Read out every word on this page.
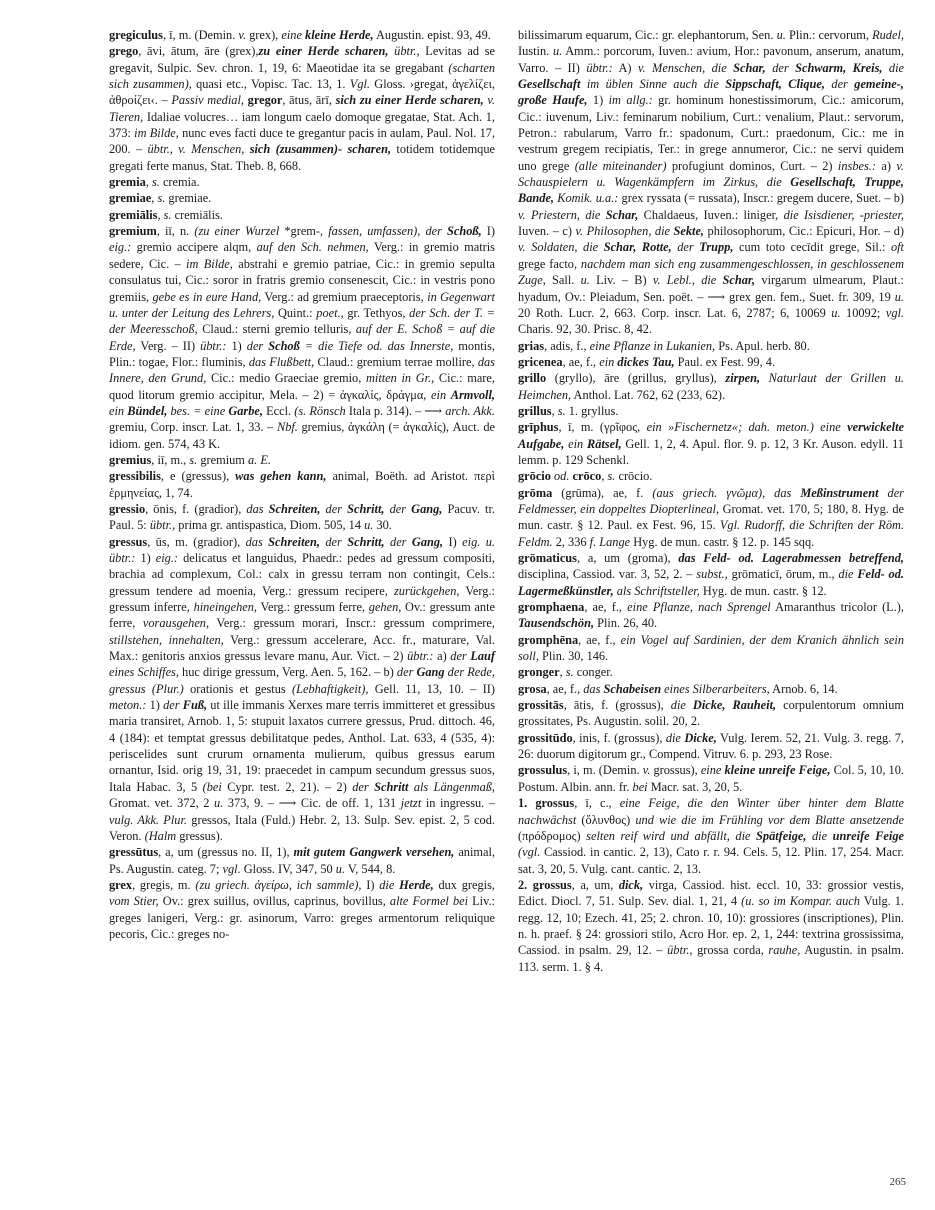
gregiculus, ī, m. (Demin. v. grex), eine kleine Herde, Augustin. epist. 93, 49.

grego, āvi, ātum, āre (grex),zu einer Herde scharen, übtr., Levitas ad se gregavit, Sulpic. Sev. chron. 1, 19, 6: Maeotidae ita se gregabant (scharten sich zusammen), quasi etc., Vopisc. Tac. 13, 1. Vgl. Gloss. ›gregat, ἀγελίζει, ἀθροίζει‹. – Passiv medial, gregor, ātus, ārī, sich zu einer Herde scharen, v. Tieren, Idaliae volucres… iam longum caelo domoque gregatae, Stat. Ach. 1, 373: im Bilde, nunc eves facti duce te gregantur pacis in aulam, Paul. Nol. 17, 200. – übtr., v. Menschen, sich (zusammen)- scharen, totidem totidemque gregati ferte manus, Stat. Theb. 8, 668.

gremia, s. cremia.

gremiae, s. gremiae.

gremiālis, s. cremiālis.

gremium, iī, n. (zu einer Wurzel *grem-, fassen, umfassen), der Schoß, I) eig.: gremio accipere alqm, auf den Sch. nehmen, Verg.: in gremio matris sedere, Cic. – im Bilde, abstrahi e gremio patriae, Cic.: in gremio sepulta consulatus tui, Cic.: soror in fratris gremio consenescit, Cic.: in vestris pono gremiis, gebe es in eure Hand, Verg.: ad gremium praeceptoris, in Gegenwart u. unter der Leitung des Lehrers, Quint.: poet., gr. Tethyos, der Sch. der T. = der Meeresschoß, Claud.: sterni gremio telluris, auf der E. Schoß = auf die Erde, Verg. – II) übtr.: 1) der Schoß = die Tiefe od. das Innerste, montis, Plin.: togae, Flor.: fluminis, das Flußbett, Claud.: gremium terrae mollire, das Innere, den Grund, Cic.: medio Graeciae gremio, mitten in Gr., Cic.: mare, quod litorum gremio accipitur, Mela. – 2) = ἀγκαλίς, δράγμα, ein Armvoll, ein Bündel, bes. = eine Garbe, Eccl. (s. Rönsch Itala p. 314). – ⟶ arch. Akk. gremiu, Corp. inscr. Lat. 1, 33. – Nbf. gremius, ἀγκάλη (= ἀγκαλίς), Auct. de idiom. gen. 574, 43 K.

gremius, iī, m., s. gremium a. E.

gressibilis, e (gressus), was gehen kann, animal, Boëth. ad Aristot. περὶ ἑρμηνείας, 1, 74.

gressio, ōnis, f. (gradior), das Schreiten, der Schritt, der Gang, Pacuv. tr. Paul. 5: übtr., prima gr. antispastica, Diom. 505, 14 u. 30.

gressus, ūs, m. (gradior), das Schreiten, der Schritt, der Gang, I) eig. u. übtr.: 1) eig.: delicatus et languidus, Phaedr.: pedes ad gressum compositi, brachia ad complexum, Col.: calx in gressu terram non contingit, Cels.: gressum tendere ad moenia, Verg.: gressum recipere, zurückgehen, Verg.: gressum inferre, hineingehen, Verg.: gressum ferre, gehen, Ov.: gressum ante ferre, vorausgehen, Verg.: gressum morari, Inscr.: gressum comprimere, stillstehen, innehalten, Verg.: gressum accelerare, Acc. fr., maturare, Val. Max.: genitoris anxios gressus levare manu, Aur. Vict. – 2) übtr.: a) der Lauf eines Schiffes, huc dirige gressum, Verg. Aen. 5, 162. – b) der Gang der Rede, gressus (Plur.) orationis et gestus (Lebhaftigkeit), Gell. 11, 13, 10. – II) meton.: 1) der Fuß, ut ille immanis Xerxes mare terris immitteret et gressibus maria transiret, Arnob. 1, 5: stupuit laxatos currere gressus, Prud. dittoch. 46, 4 (184): et temptat gressus debilitatque pedes, Anthol. Lat. 633, 4 (535, 4): periscelides sunt crurum ornamenta mulierum, quibus gressus earum ornantur, Isid. orig 19, 31, 19: praecedet in campum secundum gressus suos, Itala Habac. 3, 5 (bei Cypr. test. 2, 21). – 2) der Schritt als Längenmaß, Gromat. vet. 372, 2 u. 373, 9. – ⟶ Cic. de off. 1, 131 jetzt in ingressu. – vulg. Akk. Plur. gressos, Itala (Fuld.) Hebr. 2, 13. Sulp. Sev. epist. 2, 5 cod. Veron. (Halm gressus).

gressūtus, a, um (gressus no. II, 1), mit gutem Gangwerk versehen, animal, Ps. Augustin. categ. 7; vgl. Gloss. IV, 347, 50 u. V, 544, 8.

grex, gregis, m. (zu griech. ἀγείρω, ich sammle), I) die Herde, dux gregis, vom Stier, Ov.: grex suillus, ovillus, caprinus, bovillus, alte Formel bei Liv.: greges lanigeri, Verg.: gr. asinorum, Varro: greges armentorum reliquique pecoris, Cic.: greges no-

bilissimarum equarum, Cic.: gr. elephantorum, Sen. u. Plin.: cervorum, Rudel, Iustin. u. Amm.: porcorum, Iuven.: avium, Hor.: pavonum, anserum, anatum, Varro. – II) übtr.: A) v. Menschen, die Schar, der Schwarm, Kreis, die Gesellschaft im üblen Sinne auch die Sippschaft, Clique, der gemeine-, große Haufe, 1) im allg.: gr. hominum honestissimorum, Cic.: amicorum, Cic.: iuvenum, Liv.: feminarum nobilium, Curt.: venalium, Plaut.: servorum, Petron.: rabularum, Varro fr.: spadonum, Curt.: praedonum, Cic.: me in vestrum gregem recipiatis, Ter.: in grege annumeror, Cic.: ne servi quidem uno grege (alle miteinander) profugiunt dominos, Curt. – 2) insbes.: a) v. Schauspielern u. Wagenkämpfern im Zirkus, die Gesellschaft, Truppe, Bande, Komik. u.a.: grex ryssata (= russata), Inscr.: gregem ducere, Suet. – b) v. Priestern, die Schar, Chaldaeus, Iuven.: liniger, die Isisdiener, -priester, Iuven. – c) v. Philosophen, die Sekte, philosophorum, Cic.: Epicuri, Hor. – d) v. Soldaten, die Schar, Rotte, der Trupp, cum toto cecīdit grege, Sil.: oft grege facto, nachdem man sich eng zusammengeschlossen, in geschlossenem Zuge, Sall. u. Liv. – B) v. Lebl., die Schar, virgarum ulmearum, Plaut.: hyadum, Ov.: Pleiadum, Sen. poët. – ⟶ grex gen. fem., Suet. fr. 309, 19 u. 20 Roth. Lucr. 2, 663. Corp. inscr. Lat. 6, 2787; 6, 10069 u. 10092; vgl. Charis. 92, 30. Prisc. 8, 42.

grias, adis, f., eine Pflanze in Lukanien, Ps. Apul. herb. 80.

gricenea, ae, f., ein dickes Tau, Paul. ex Fest. 99, 4.

grillo (gryllo), āre (grillus, gryllus), zirpen, Naturlaut der Grillen u. Heimchen, Anthol. Lat. 762, 62 (233, 62).

grillus, s. 1. gryllus.

grīphus, ī, m. (γρῖφος, ein »Fischernetz«; dah. meton.) eine verwickelte Aufgabe, ein Rätsel, Gell. 1, 2, 4. Apul. flor. 9. p. 12, 3 Kr. Auson. edyll. 11 lemm. p. 129 Schenkl.

grōcio od. crōco, s. crōcio.

grōma (grūma), ae, f. (aus griech. γνῶμα), das Meßinstrument der Feldmesser, ein doppeltes Diopterlineal, Gromat. vet. 170, 5; 180, 8. Hyg. de mun. castr. § 12. Paul. ex Fest. 96, 15. Vgl. Rudorff, die Schriften der Röm. Feldm. 2, 336 f. Lange Hyg. de mun. castr. § 12. p. 145 sqq.

grōmaticus, a, um (groma), das Feld- od. Lagerabmessen betreffend, disciplina, Cassiod. var. 3, 52, 2. – subst., grōmaticī, ōrum, m., die Feld- od. Lagermeßkünstler, als Schriftsteller, Hyg. de mun. castr. § 12.

gromphaena, ae, f., eine Pflanze, nach Sprengel Amaranthus tricolor (L.), Tausendschön, Plin. 26, 40.

gromphēna, ae, f., ein Vogel auf Sardinien, der dem Kranich ähnlich sein soll, Plin. 30, 146.

gronger, s. conger.

grosa, ae, f., das Schabeisen eines Silberarbeiters, Arnob. 6, 14.

grossitās, ātis, f. (grossus), die Dicke, Rauheit, corpulentorum omnium grossitates, Ps. Augustin. solil. 20, 2.

grossitūdo, inis, f. (grossus), die Dicke, Vulg. Ierem. 52, 21. Vulg. 3. regg. 7, 26: duorum digitorum gr., Compend. Vitruv. 6. p. 293, 23 Rose.

grossulus, i, m. (Demin. v. grossus), eine kleine unreife Feige, Col. 5, 10, 10. Postum. Albin. ann. fr. bei Macr. sat. 3, 20, 5.

1. grossus, ī, c., eine Feige, die den Winter über hinter dem Blatte nachwächst (ὄλυνθος) und wie die im Frühling vor dem Blatte ansetzende (πρόδρομος) selten reif wird und abfällt, die Spätfeige, die unreife Feige (vgl. Cassiod. in cantic. 2, 13), Cato r. r. 94. Cels. 5, 12. Plin. 17, 254. Macr. sat. 3, 20, 5. Vulg. cant. cantic. 2, 13.

2. grossus, a, um, dick, virga, Cassiod. hist. eccl. 10, 33: grossior vestis, Edict. Diocl. 7, 51. Sulp. Sev. dial. 1, 21, 4 (u. so im Kompar. auch Vulg. 1. regg. 12, 10; Ezech. 41, 25; 2. chron. 10, 10): grossiores (inscriptiones), Plin. n. h. praef. § 24: grossiori stilo, Acro Hor. ep. 2, 1, 244: textrina grossissima, Cassiod. in psalm. 29, 12. – übtr., grossa corda, rauhe, Augustin. in psalm. 113. serm. 1. § 4.

265
